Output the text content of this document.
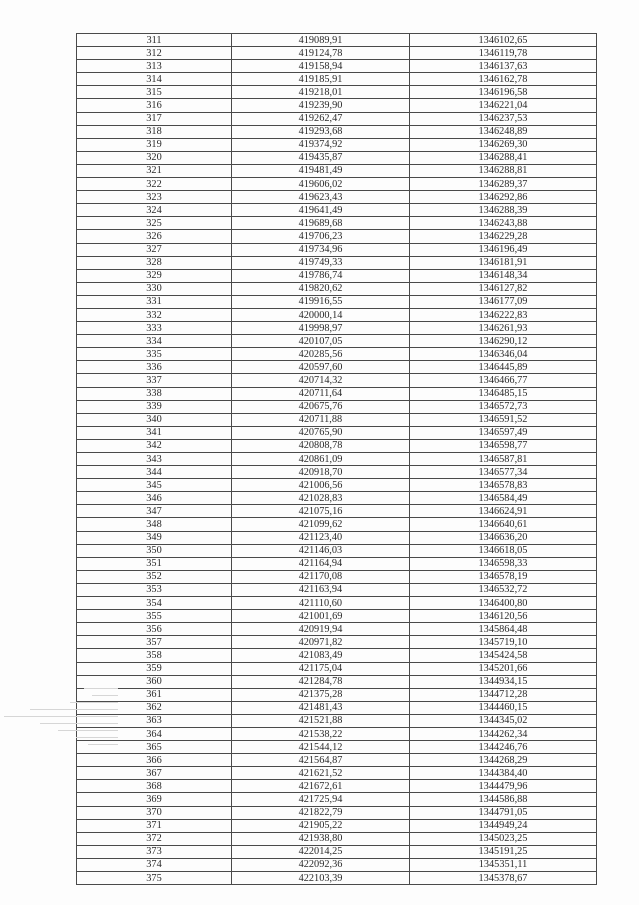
311	419089,91	1346102,65
312	419124,78	1346119,78
313	419158,94	1346137,63
314	419185,91	1346162,78
315	419218,01	1346196,58
316	419239,90	1346221,04
317	419262,47	1346237,53
318	419293,68	1346248,89
319	419374,92	1346269,30
320	419435,87	1346288,41
321	419481,49	1346288,81
322	419606,02	1346289,37
323	419623,43	1346292,86
324	419641,49	1346288,39
325	419689,68	1346243,88
326	419706,23	1346229,28
327	419734,96	1346196,49
328	419749,33	1346181,91
329	419786,74	1346148,34
330	419820,62	1346127,82
331	419916,55	1346177,09
332	420000,14	1346222,83
333	419998,97	1346261,93
334	420107,05	1346290,12
335	420285,56	1346346,04
336	420597,60	1346445,89
337	420714,32	1346466,77
338	420711,64	1346485,15
339	420675,76	1346572,73
340	420711,88	1346591,52
341	420765,90	1346597,49
342	420808,78	1346598,77
343	420861,09	1346587,81
344	420918,70	1346577,34
345	421006,56	1346578,83
346	421028,83	1346584,49
347	421075,16	1346624,91
348	421099,62	1346640,61
349	421123,40	1346636,20
350	421146,03	1346618,05
351	421164,94	1346598,33
352	421170,08	1346578,19
353	421163,94	1346532,72
354	421110,60	1346400,80
355	421001,69	1346120,56
356	420919,94	1345864,48
357	420971,82	1345719,10
358	421083,49	1345424,58
359	421175,04	1345201,66
360	421284,78	1344934,15
361	421375,28	1344712,28
362	421481,43	1344460,15
363	421521,88	1344345,02
364	421538,22	1344262,34
365	421544,12	1344246,76
366	421564,87	1344268,29
367	421621,52	1344384,40
368	421672,61	1344479,96
369	421725,94	1344586,88
370	421822,79	1344791,05
371	421905,22	1344949,24
372	421938,80	1345023,25
373	422014,25	1345191,25
374	422092,36	1345351,11
375	422103,39	1345378,67
